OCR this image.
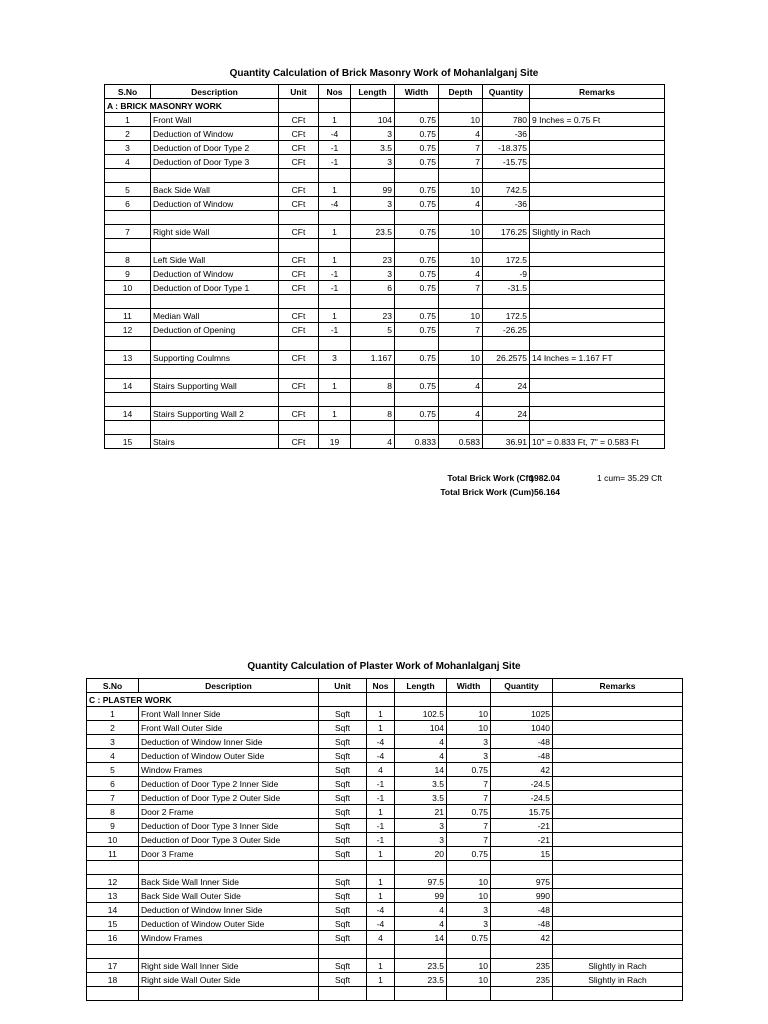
Quantity Calculation of Brick Masonry Work of Mohanlalganj Site
S.No	Description	Unit	Nos	Length	Width	Depth	Quantity	Remarks
A : BRICK MASONRY WORK								
1	Front Wall	CFt	1	104	0.75	10	780	9 Inches = 0.75 Ft
2	Deduction of Window	CFt	-4	3	0.75	4	-36	
3	Deduction of Door Type 2	CFt	-1	3.5	0.75	7	-18.375	
4	Deduction of Door Type 3	CFt	-1	3	0.75	7	-15.75	

5	Back Side Wall	CFt	1	99	0.75	10	742.5	
6	Deduction of Window	CFt	-4	3	0.75	4	-36	

7	Right side Wall	CFt	1	23.5	0.75	10	176.25	Slightly in Rach

8	Left Side Wall	CFt	1	23	0.75	10	172.5	
9	Deduction of Window	CFt	-1	3	0.75	4	-9	
10	Deduction of Door Type 1	CFt	-1	6	0.75	7	-31.5	

11	Median Wall	CFt	1	23	0.75	10	172.5	
12	Deduction of Opening	CFt	-1	5	0.75	7	-26.25	

13	Supporting Coulmns	CFt	3	1.167	0.75	10	26.2575	14 Inches = 1.167 FT

14	Stairs Supporting Wall	CFt	1	8	0.75	4	24	

14	Stairs Supporting Wall 2	CFt	1	8	0.75	4	24	

15	Stairs	CFt	19	4	0.833	0.583	36.91	10" = 0.833 Ft, 7" = 0.583 Ft
Total Brick Work (Cft)
1982.04	1 cum= 35.29 Cft
Total Brick Work (Cum) 56.164
Quantity Calculation of Plaster Work of Mohanlalganj Site
S.No	Description	Unit	Nos	Length	Width	Quantity	Remarks
C : PLASTER WORK							
1	Front Wall Inner Side	Sqft	1	102.5	10	1025	
2	Front Wall Outer Side	Sqft	1	104	10	1040	
3	Deduction of Window Inner Side	Sqft	-4	4	3	-48	
4	Deduction of Window Outer Side	Sqft	-4	4	3	-48	
5	Window Frames	Sqft	4	14	0.75	42	
6	Deduction of Door Type 2 Inner Side	Sqft	-1	3.5	7	-24.5	
7	Deduction of Door Type 2 Outer Side	Sqft	-1	3.5	7	-24.5	
8	Door 2 Frame	Sqft	1	21	0.75	15.75	
9	Deduction of Door Type 3 Inner Side	Sqft	-1	3	7	-21	
10	Deduction of Door Type 3 Outer Side	Sqft	-1	3	7	-21	
11	Door 3 Frame	Sqft	1	20	0.75	15	

12	Back Side Wall Inner Side	Sqft	1	97.5	10	975	
13	Back Side Wall Outer Side	Sqft	1	99	10	990	
14	Deduction of Window Inner Side	Sqft	-4	4	3	-48	
15	Deduction of Window Outer Side	Sqft	-4	4	3	-48	
16	Window Frames	Sqft	4	14	0.75	42	

17	Right side Wall Inner Side	Sqft	1	23.5	10	235	Slightly in Rach
18	Right side Wall Outer Side	Sqft	1	23.5	10	235	Slightly in Rach
